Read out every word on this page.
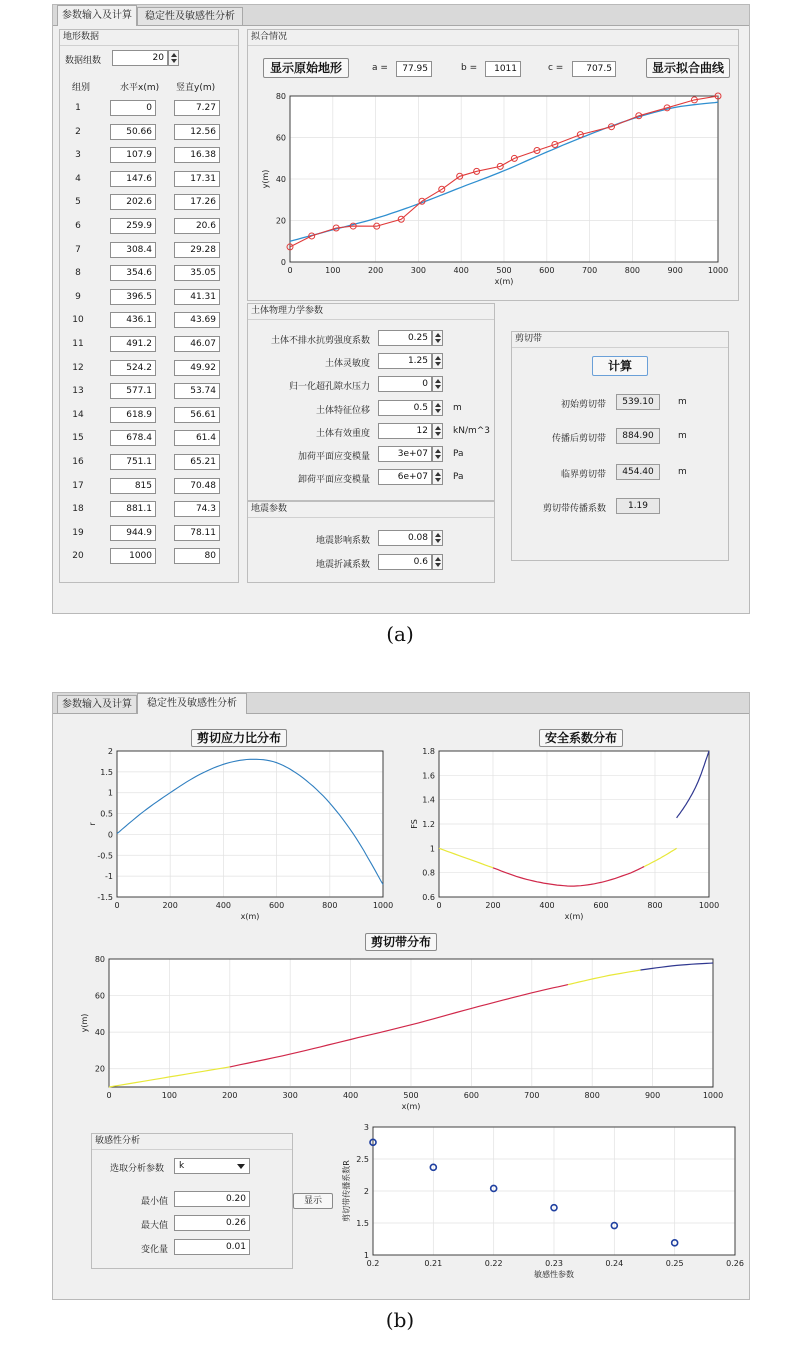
参数输入及计算	稳定性及敏感性分析
地形数据
数据组数	20
组别	水平x(m) 竖直y(m)
1	0	7.27
2	50.66	12.56
3	107.9	16.38
4	147.6	17.31
5	202.6	17.26
6	259.9	20.6
7	308.4	29.28
8	354.6	35.05
9	396.5	41.31
10	436.1	43.69
11	491.2	46.07
12	524.2	49.92
13	577.1	53.74
14	618.9	56.61
15	678.4	61.4
16	751.1	65.21
17	815	70.48
18	881.1	74.3
19	944.9	78.11
20	1000	80
拟合情况
显示原始地形	a =	77.95	b =	1011	c =	707.5	显示拟合曲线
0	100	200	300	400	500	600	700	800	900	1000
0
20
40
60
80
x(m)
y(m)
土体物理力学参数
土体不排水抗剪强度系数	0.25
土体灵敏度	1.25
归一化超孔隙水压力	0
土体特征位移	0.5	m
土体有效重度	12	kN/m^3
加荷平面应变模量	3e+07	Pa
卸荷平面应变模量	6e+07	Pa
地震参数
地震影响系数	0.08
地震折减系数	0.6
剪切带
计算
初始剪切带	539.10	m
传播后剪切带	884.90	m
临界剪切带	454.40	m
剪切带传播系数	1.19
(a)
参数输入及计算	稳定性及敏感性分析
剪切应力比分布
0	200	400	600	800	1000
-1.5
-1
-0.5
0
0.5
1
1.5
2
x(m)
r
安全系数分布
0	200	400	600	800	1000
0.6
0.8
1
1.2
1.4
1.6
1.8
x(m)
FS
剪切带分布
0	100	200	300	400	500	600	700	800	900	1000
20
40
60
80
x(m)
y(m)
敏感性分析
选取分析参数	k
最小值	0.20
最大值	0.26
变化量	0.01
显示
0.2	0.21	0.22	0.23	0.24	0.25	0.26
1
1.5
2
2.5
3
敏感性参数
剪切带传播系数R
(b)
